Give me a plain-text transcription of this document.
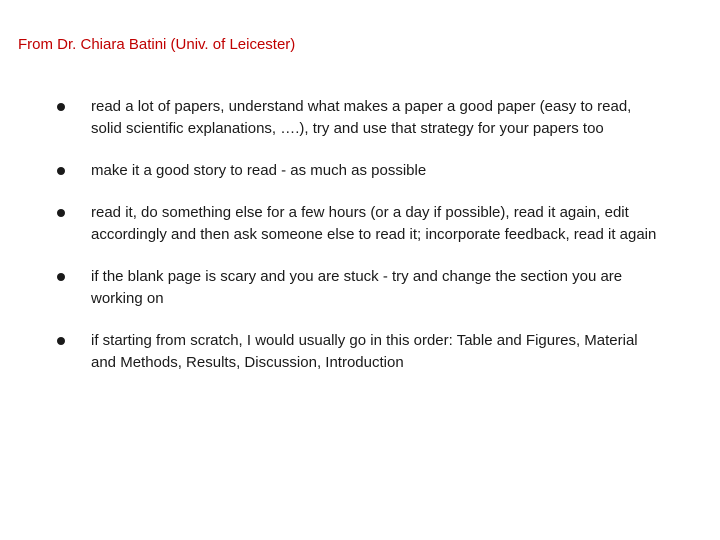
From Dr. Chiara Batini (Univ. of Leicester)
read a lot of papers, understand what makes a paper a good paper (easy to read, solid scientific explanations, ….), try and use that strategy for your papers too
make it a good story to read - as much as possible
read it, do something else for a few hours (or a day if possible), read it again, edit accordingly and then ask someone else to read it; incorporate feedback, read it again
if the blank page is scary and you are stuck - try and change the section you are working on
if starting from scratch, I would usually go in this order: Table and Figures, Material and Methods, Results, Discussion, Introduction
